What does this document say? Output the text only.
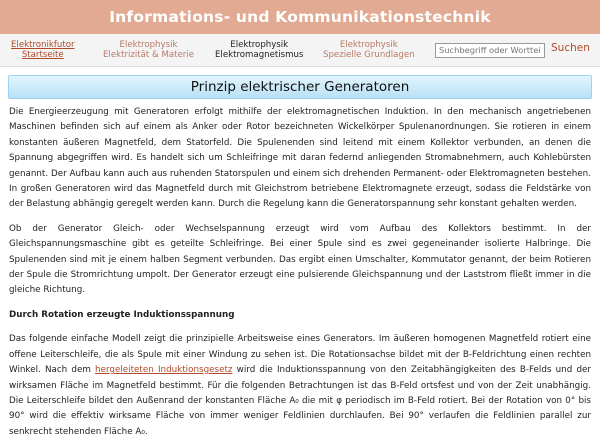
Informations- und Kommunikationstechnik
Elektronikfutor
Startseite
Elektrophysik
Elektrizität & Materie
Elektrophysik
Elektromagnetismus
Elektrophysik
Spezielle Grundlagen
Suchbegriff oder Wortteil
Suchen
Prinzip elektrischer Generatoren

Die Energieerzeugung mit Generatoren erfolgt mithilfe der elektromagnetischen Induktion. In den mechanisch angetriebenen Maschinen befinden sich auf einem als Anker oder Rotor bezeichneten Wickelkörper Spulenanordnungen. Sie rotieren in einem konstanten äußeren Magnetfeld, dem Statorfeld. Die Spulenenden sind leitend mit einem Kollektor verbunden, an denen die Spannung abgegriffen wird. Es handelt sich um Schleifringe mit daran federnd anliegenden Stromabnehmern, auch Kohlebürsten genannt. Der Aufbau kann auch aus ruhenden Statorspulen und einem sich drehenden Permanent- oder Elektromagneten bestehen. In großen Generatoren wird das Magnetfeld durch mit Gleichstrom betriebene Elektromagnete erzeugt, sodass die Feldstärke von der Belastung abhängig geregelt werden kann. Durch die Regelung kann die Generatorspannung sehr konstant gehalten werden.

Ob der Generator Gleich- oder Wechselspannung erzeugt wird vom Aufbau des Kollektors bestimmt. In der Gleichspannungsmaschine gibt es geteilte Schleifringe. Bei einer Spule sind es zwei gegeneinander isolierte Halbringe. Die Spulenenden sind mit je einem halben Segment verbunden. Das ergibt einen Umschalter, Kommutator genannt, der beim Rotieren der Spule die Stromrichtung umpolt. Der Generator erzeugt eine pulsierende Gleichspannung und der Laststrom fließt immer in die gleiche Richtung.

Durch Rotation erzeugte Induktionsspannung

Das folgende einfache Modell zeigt die prinzipielle Arbeitsweise eines Generators. Im äußeren homogenen Magnetfeld rotiert eine offene Leiterschleife, die als Spule mit einer Windung zu sehen ist. Die Rotationsachse bildet mit der B-Feldrichtung einen rechten Winkel. Nach dem hergeleiteten Induktionsgesetz wird die Induktionsspannung von den Zeitabhängigkeiten des B-Felds und der wirksamen Fläche im Magnetfeld bestimmt. Für die folgenden Betrachtungen ist das B-Feld ortsfest und von der Zeit unabhängig. Die Leiterschleife bildet den Außenrand der konstanten Fläche A₀ die mit φ periodisch im B-Feld rotiert. Bei der Rotation von 0° bis 90° wird die effektiv wirksame Fläche von immer weniger Feldlinien durchlaufen. Bei 90° verlaufen die Feldlinien parallel zur senkrecht stehenden Fläche A₀.
